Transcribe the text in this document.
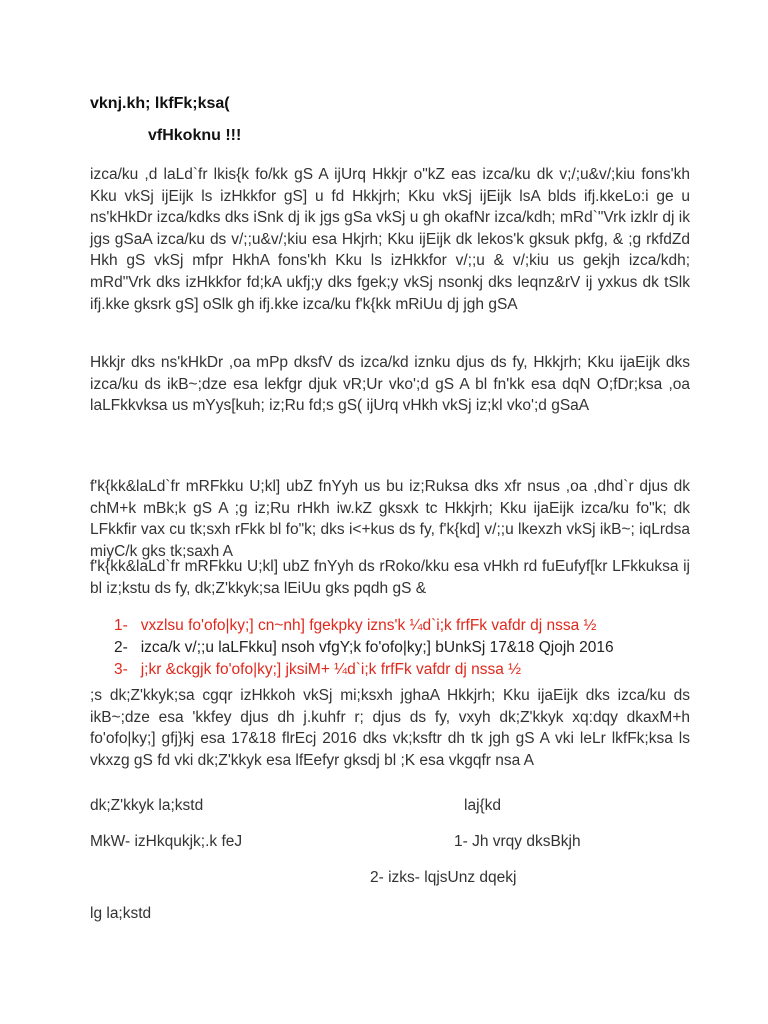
vknj.kh; lkfFk;ksa(
vfHkoknu !!!

izca/ku ,d laLd`fr lkis{k fo/kk gS A ijUrq Hkkjr o"kZ eas izca/ku dk v;/;u&v/;kiu fons'kh Kku vkSj ijEijk ls izHkkfor gS] u fd Hkkjrh; Kku vkSj ijEijk lsA blds ifj.kkeLo:i ge u ns'kHkDr izca/kdks dks iSnk dj ik jgs gSa vkSj u gh okafNr izca/kdh; mRd`"Vrk izklr dj ik jgs gSaA izca/ku ds v/;;u&v/;kiu esa Hkjrh; Kku ijEijk dk lekos'k gksuk pkfg, & ;g rkfdZd Hkh gS vkSj mfpr HkhA fons'kh Kku ls izHkkfor v/;;u & v/;kiu us gekjh izca/kdh; mRd"Vrk dks izHkkfor fd;kA ukfj;y dks fgek;y vkSj nsonkj dks leqnz&rV ij yxkus dk tSlk ifj.kke gksrk gS] oSlk gh ifj.kke izca/ku f'k{kk mRiUu dj jgh gSA

Hkkjr dks ns'kHkDr ,oa mPp dksfV ds izca/kd iznku djus ds fy, Hkkjrh; Kku ijaEijk dks izca/ku ds ikB~;dze esa lekfgr djuk vR;Ur vko';d gS A bl fn'kk esa dqN O;fDr;ksa ,oa laLFkkvksa us mYys[kuh; iz;Ru fd;s gS( ijUrq vHkh vkSj iz;kl vko';d gSaA

f'k{kk&laLd`fr mRFkku U;kl] ubZ fnYyh us bu iz;Ruksa dks xfr nsus ,oa ,dhd`r djus dk chM+k mBk;k gS A ;g iz;Ru rHkh iw.kZ gksxk tc Hkkjrh; Kku ijaEijk izca/ku fo"k; dk LFkkfir vax cu tk;sxh rFkk bl fo"k; dks i<+kus ds fy, f'k{kd] v/;;u lkexzh vkSj ikB~; iqLrdsa miyC/k gks tk;saxh A

f'k{kk&laLd`fr mRFkku U;kl] ubZ fnYyh ds rRoko/kku esa vHkh rd fuEufyf[kr LFkkuksa ij bl iz;kstu ds fy, dk;Z'kkyk;sa lEiUu gks pqdh gS &

1- vxzlsu fo'ofo|ky;] cn~nh] fgekpky izns'k ¼d`i;k frfFk vafdr dj nssa ½
2- izca/k v/;;u laLFkku] nsoh vfgY;k fo'ofo|ky;] bUnkSj 17&18 Qjojh 2016
3- j;kr &ckgjk fo'ofo|ky;] jksiM+ ¼d`i;k frfFk vafdr dj nssa ½

;s dk;Z'kkyk;sa cgqr izHkkoh vkSj mi;ksxh jghaA Hkkjrh; Kku ijaEijk dks izca/ku ds ikB~;dze esa 'kkfey djus dh j.kuhfr r; djus ds fy, vxyh dk;Z'kkyk xq:dqy dkaxM+h fo'ofo|ky;] gfj}kj esa 17&18 flrEcj 2016 dks vk;ksftr dh tk jgh gS A vki leLr lkfFk;ksa ls vkxzg gS fd vki dk;Z'kkyk esa lfEefyr gksdj bl ;K esa vkgqfr nsa A

dk;Z'kkyk la;kstd	laj{kd
MkW- izHkqukjk;.k feJ	1- Jh vrqy dksBkjh
2- izks- lqjsUnz dqekj
lg la;kstd
